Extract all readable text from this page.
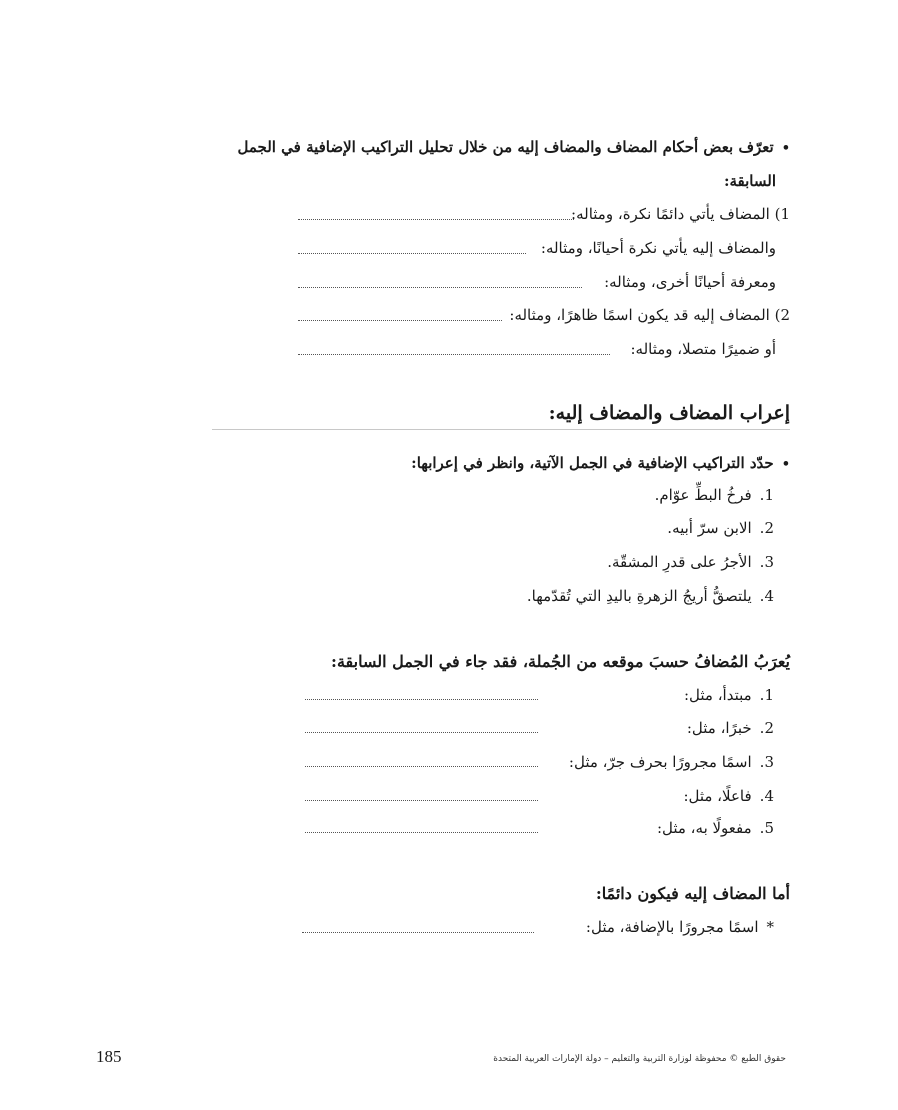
•تعرّف بعض أحكام المضاف والمضاف إليه من خلال تحليل التراكيب الإضافية في الجمل
السابقة:
1) المضاف يأتي دائمًا نكرة، ومثاله:
والمضاف إليه يأتي نكرة أحيانًا، ومثاله:
ومعرفة أحيانًا أخرى، ومثاله:
2) المضاف إليه قد يكون اسمًا ظاهرًا، ومثاله:
أو ضميرًا متصلا، ومثاله:
إعراب المضاف والمضاف إليه:
•حدّد التراكيب الإضافية في الجمل الآتية، وانظر في إعرابها:
1.فرخُ البطِّ عوّام.
2.الابن سرّ أبيه.
3.الأجرُ على قدرِ المشقّة.
4.يلتصقُّ أريجُ الزهرةِ باليدِ التي تُقدّمها.
يُعرَبُ المُضافُ حسبَ موقعه من الجُملة، فقد جاء في الجمل السابقة:
1.مبتدأ، مثل:
2.خبرًا، مثل:
3.اسمًا مجرورًا بحرف جرّ، مثل:
4.فاعلًا، مثل:
5.مفعولًا به، مثل:
أما المضاف إليه فيكون دائمًا:
*اسمًا مجرورًا بالإضافة، مثل:
185	حقوق الطبع © محفوظة لوزارة التربية والتعليم – دولة الإمارات العربية المتحدة
